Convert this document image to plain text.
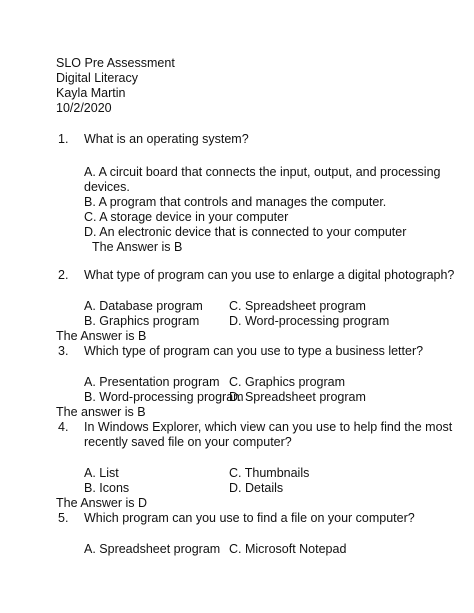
SLO Pre Assessment
Digital Literacy
Kayla Martin
10/2/2020
1. What is an operating system?
A. A circuit board that connects the input, output, and processing
devices.
B. A program that controls and manages the computer.
C. A storage device in your computer
D. An electronic device that is connected to your computer
The Answer is B
2. What type of program can you use to enlarge a digital photograph?
A. Database program C. Spreadsheet program
B. Graphics program D. Word-processing program
The Answer is B
3. Which type of program can you use to type a business letter?
A. Presentation program C. Graphics program
B. Word-processing program
D. Spreadsheet program
The answer is B
4. In Windows Explorer, which view can you use to help find the most
recently saved file on your computer?
A. List	C. Thumbnails
B. Icons	D. Details
The Answer is D
5. Which program can you use to find a file on your computer?
A. Spreadsheet program C. Microsoft Notepad
